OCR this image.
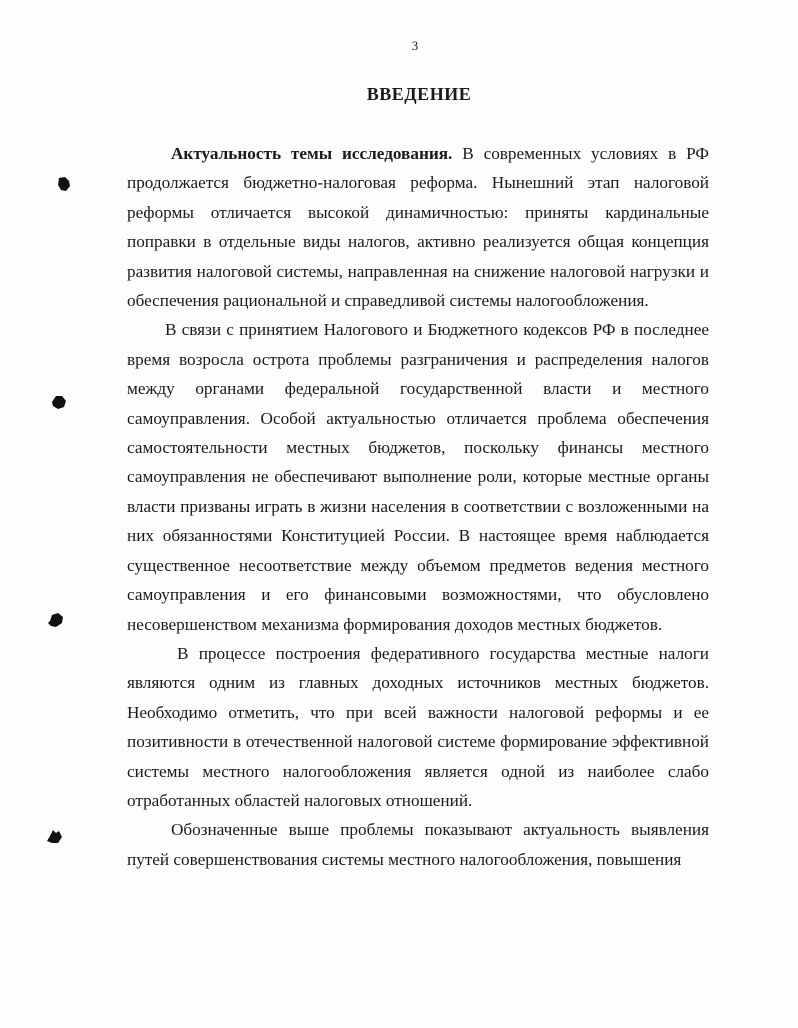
3
ВВЕДЕНИЕ

Актуальность темы исследования. В современных условиях в РФ продолжается бюджетно-налоговая реформа. Нынешний этап налоговой реформы отличается высокой динамичностью: приняты кардинальные поправки в отдельные виды налогов, активно реализуется общая концепция развития налоговой системы, направленная на снижение налоговой нагрузки и обеспечения рациональной и справедливой системы налогообложения.

В связи с принятием Налогового и Бюджетного кодексов РФ в последнее время возросла острота проблемы разграничения и распределения налогов между органами федеральной государственной власти и местного самоуправления. Особой актуальностью отличается проблема обеспечения самостоятельности местных бюджетов, поскольку финансы местного самоуправления не обеспечивают выполнение роли, которые местные органы власти призваны играть в жизни населения в соответствии с возложенными на них обязанностями Конституцией России. В настоящее время наблюдается существенное несоответствие между объемом предметов ведения местного самоуправления и его финансовыми возможностями, что обусловлено несовершенством механизма формирования доходов местных бюджетов.

В процессе построения федеративного государства местные налоги являются одним из главных доходных источников местных бюджетов. Необходимо отметить, что при всей важности налоговой реформы и ее позитивности в отечественной налоговой системе формирование эффективной системы местного налогообложения является одной из наиболее слабо отработанных областей налоговых отношений.

Обозначенные выше проблемы показывают актуальность выявления путей совершенствования системы местного налогообложения, повышения
